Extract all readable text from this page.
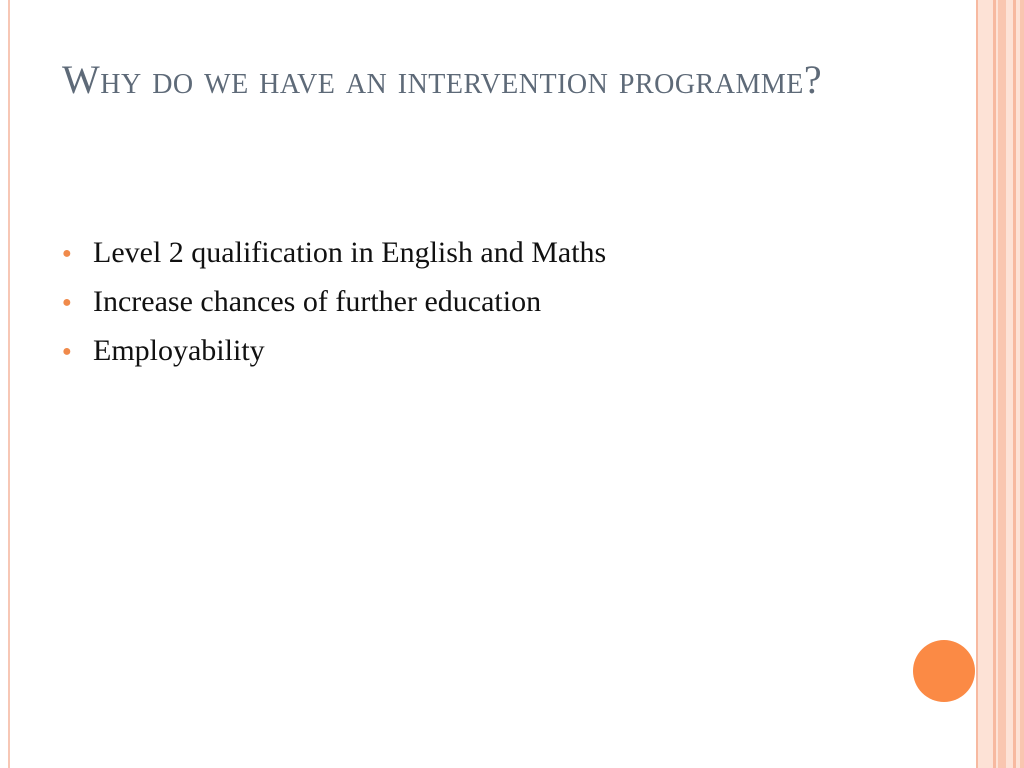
Why do we have an intervention programme?
● Level 2 qualification in English and Maths
● Increase chances of further education
● Employability
